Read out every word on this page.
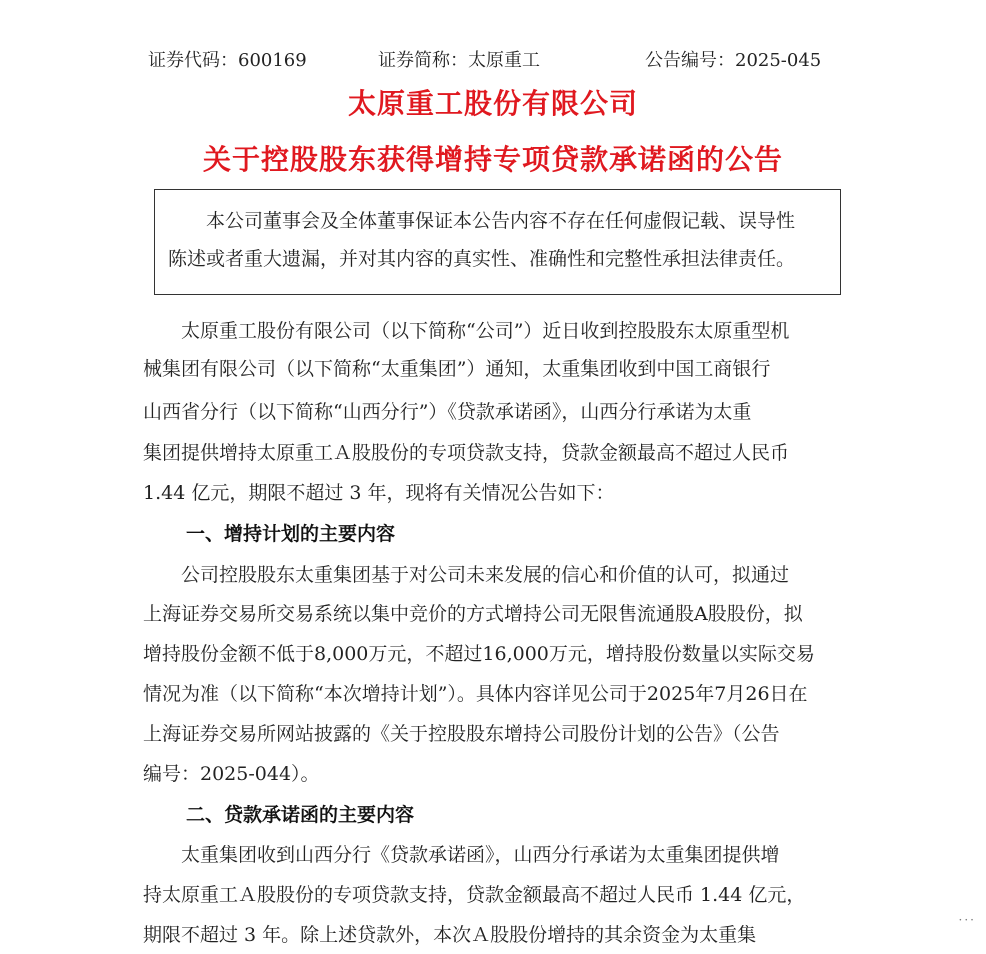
证券代码：600169	证券简称：太原重工	公告编号：2025-045
太原重工股份有限公司
关于控股股东获得增持专项贷款承诺函的公告

本公司董事会及全体董事保证本公告内容不存在任何虚假记载、误导性

陈述或者重大遗漏，并对其内容的真实性、准确性和完整性承担法律责任。

　　太原重工股份有限公司（以下简称“公司”）近日收到控股股东太原重型机
械集团有限公司（以下简称“太重集团”）通知，太重集团收到中国工商银行
山西省分行（以下简称“山西分行”）《贷款承诺函》，山西分行承诺为太重
集团提供增持太原重工Ａ股股份的专项贷款支持，贷款金额最高不超过人民币
1.44 亿元，期限不超过 3 年，现将有关情况公告如下：
一、增持计划的主要内容
　　公司控股股东太重集团基于对公司未来发展的信心和价值的认可，拟通过
上海证券交易所交易系统以集中竞价的方式增持公司无限售流通股A股股份，拟
增持股份金额不低于8,000万元，不超过16,000万元，增持股份数量以实际交易
情况为准（以下简称“本次增持计划”）。具体内容详见公司于2025年7月26日在
上海证券交易所网站披露的《关于控股股东增持公司股份计划的公告》（公告
编号：2025-044）。
二、贷款承诺函的主要内容
　　太重集团收到山西分行《贷款承诺函》，山西分行承诺为太重集团提供增
持太原重工Ａ股股份的专项贷款支持，贷款金额最高不超过人民币 1.44 亿元，
期限不超过 3 年。除上述贷款外，本次Ａ股股份增持的其余资金为太重集
···
